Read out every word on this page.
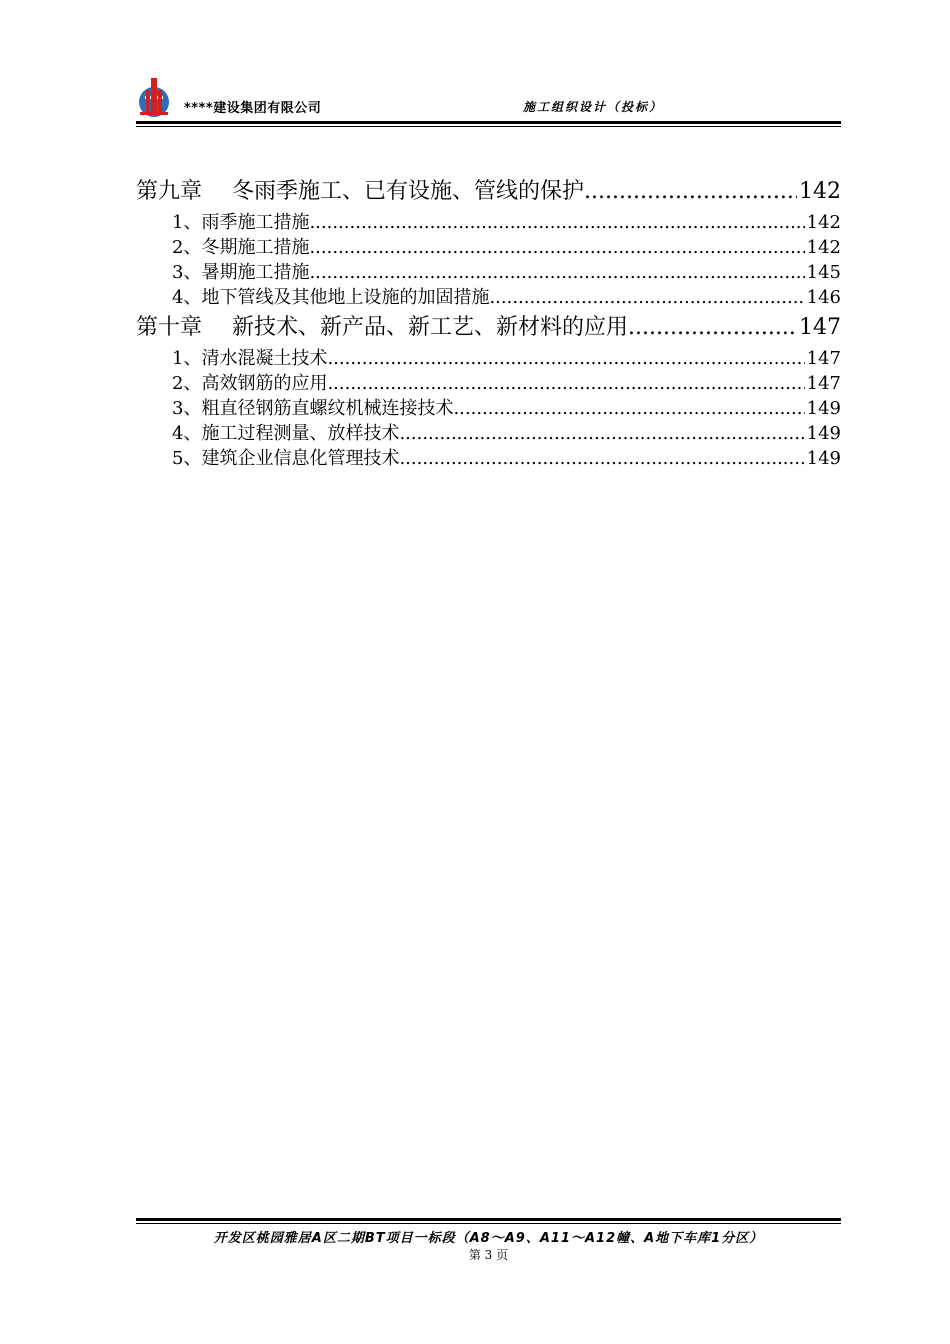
****建设集团有限公司	施工组织设计（投标）
第九章 冬雨季施工、已有设施、管线的保护 .....	142
1、雨季施工措施 .....	142
2、冬期施工措施 .....	142
3、暑期施工措施 .....	145
4、地下管线及其他地上设施的加固措施 .....	146
第十章 新技术、新产品、新工艺、新材料的应用 .....	147
1、清水混凝土技术 .....	147
2、高效钢筋的应用 .....	147
3、粗直径钢筋直螺纹机械连接技术 .....	149
4、施工过程测量、放样技术 .....	149
5、建筑企业信息化管理技术 .....	149
开发区桃园雅居A区二期BT项目一标段（A8～A9、A11～A12幢、A地下车库1分区）
第 3 页
